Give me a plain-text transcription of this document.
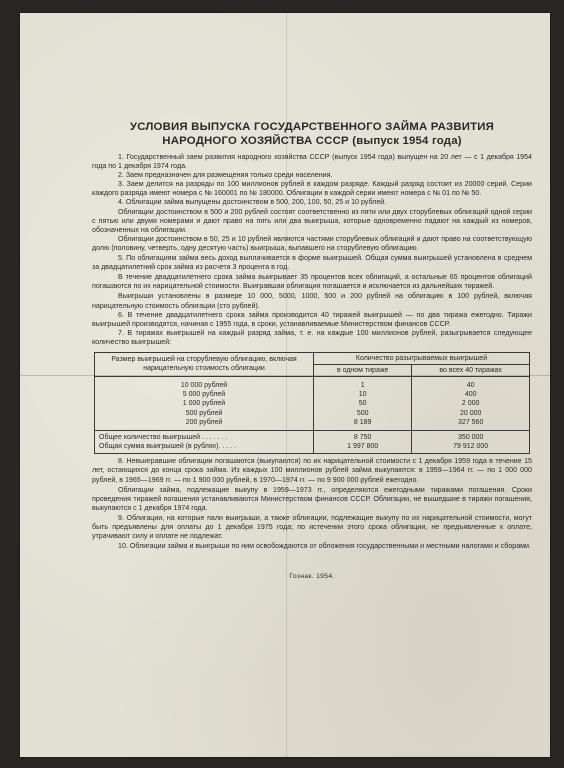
УСЛОВИЯ ВЫПУСКА ГОСУДАРСТВЕННОГО ЗАЙМА РАЗВИТИЯ
НАРОДНОГО ХОЗЯЙСТВА СССР (выпуск 1954 года)

1. Государственный заем развития народного хозяйства СССР (выпуск 1954 года) выпущен на 20 лет — с 1 декабря 1954 года по 1 декабря 1974 года.

2. Заем предназначен для размещения только среди населения.

3. Заем делится на разряды по 100 миллионов рублей в каждом разряде. Каждый разряд состоит из 20000 серий. Серии каждого разряда имеют номера с № 160001 по № 180000. Облигации в каждой серии имеют номера с № 01 по № 50.

4. Облигации займа выпущены достоинством в 500, 200, 100, 50, 25 и 10 рублей.

Облигации достоинством в 500 и 200 рублей состоят соответственно из пяти или двух сторублевых облигаций одной серии с пятью или двумя номерами и дают право на пять или два выигрыша, которые одновременно падают на каждый из номеров, обозначенных на облигации.

Облигации достоинством в 50, 25 и 10 рублей являются частями сторублевых облигаций и дают право на соответствующую долю (половину, четверть, одну десятую часть) выигрыша, выпавшего на сторублевую облигацию.

5. По облигациям займа весь доход выплачивается в форме выигрышей. Общая сумма выигрышей установлена в среднем за двадцатилетний срок займа из расчета 3 процента в год.

В течение двадцатилетнего срока займа выигрывает 35 процентов всех облигаций, а остальные 65 процентов облигаций погашаются по их нарицательной стоимости. Выигравшая облигация погашается и исключается из дальнейших тиражей.

Выигрыши установлены в размере 10 000, 5000, 1000, 500 и 200 рублей на облигацию в 100 рублей, включая нарицательную стоимость облигации (сто рублей).

6. В течение двадцатилетнего срока займа производится 40 тиражей выигрышей — по два тиража ежегодно. Тиражи выигрышей производятся, начиная с 1955 года, в сроки, устанавливаемые Министерством финансов СССР.

7. В тиражах выигрышей на каждый разряд займа, т. е. на каждые 100 миллионов рублей, разыгрывается следующее количество выигрышей:

Размер выигрышей на сторублевую облигацию, включая нарицательную стоимость облигации	Количество разыгрываемых выигрышей	
	в одном тираже	во всех 40 тиражах
10 000 рублей	1	40
5 000 рублей	10	400
1 000 рублей	50	2 000
500 рублей	500	20 000
200 рублей	8 189	327 560
Общее количество выигрышей . . . . . . .	8 750	350 000
Общая сумма выигрышей (в рублях). . . . .	1 997 800	79 912 000

8. Невыигравшие облигации погашаются (выкупаются) по их нарицательной стоимости с 1 декабря 1959 года в течение 15 лет, остающихся до конца срока займа. Из каждых 100 миллионов рублей займа выкупаются: в 1959—1964 гг. — по 1 000 000 рублей, в 1965—1969 гг. — по 1 900 000 рублей, в 1970—1974 гг. — по 9 900 000 рублей ежегодно.

Облигации займа, подлежащие выкупу в 1959—1973 гг., определяются ежегодными тиражами погашения. Сроки проведения тиражей погашения устанавливаются Министерством финансов СССР. Облигации, не вышедшие в тиражи погашения, выкупаются с 1 декабря 1974 года.

9. Облигации, на которые пали выигрыши, а также облигации, подлежащие выкупу по их нарицательной стоимости, могут быть предъявлены для оплаты до 1 декабря 1975 года; по истечении этого срока облигации, не предъявленные к оплате, утрачивают силу и оплате не подлежат.

10. Облигации займа и выигрыши по ним освобождаются от обложения государственными и местными налогами и сборами.

Гознак. 1954.
